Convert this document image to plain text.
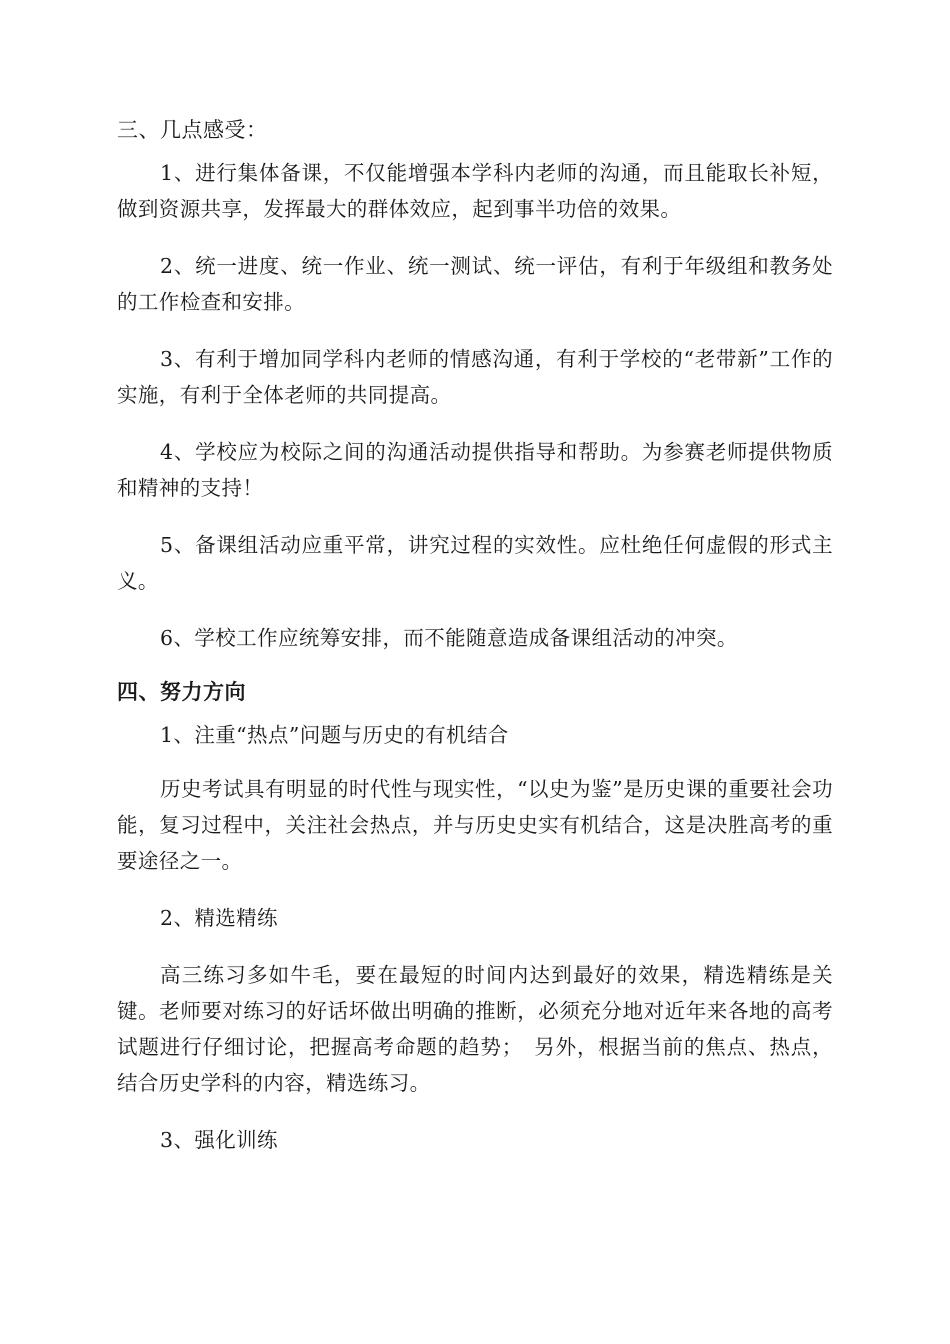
三、几点感受：

1、进行集体备课，不仅能增强本学科内老师的沟通，而且能取长补短，做到资源共享，发挥最大的群体效应，起到事半功倍的效果。

2、统一进度、统一作业、统一测试、统一评估，有利于年级组和教务处的工作检查和安排。

3、有利于增加同学科内老师的情感沟通，有利于学校的“老带新”工作的实施，有利于全体老师的共同提高。

4、学校应为校际之间的沟通活动提供指导和帮助。为参赛老师提供物质和精神的支持！

5、备课组活动应重平常，讲究过程的实效性。应杜绝任何虚假的形式主义。

6、学校工作应统筹安排，而不能随意造成备课组活动的冲突。

四、努力方向

1、注重“热点”问题与历史的有机结合

历史考试具有明显的时代性与现实性，“以史为鉴”是历史课的重要社会功能，复习过程中，关注社会热点，并与历史史实有机结合，这是决胜高考的重要途径之一。

2、精选精练

高三练习多如牛毛，要在最短的时间内达到最好的效果，精选精练是关键。老师要对练习的好话坏做出明确的推断，必须充分地对近年来各地的高考试题进行仔细讨论，把握高考命题的趋势；　另外，根据当前的焦点、热点，结合历史学科的内容，精选练习。

3、强化训练
